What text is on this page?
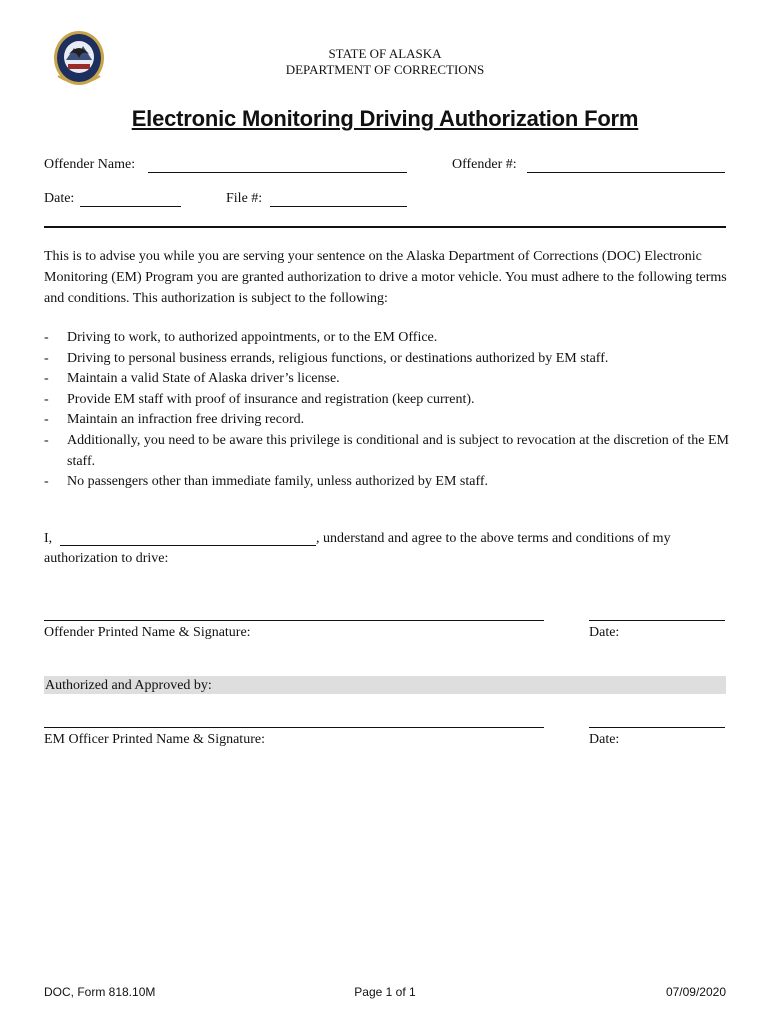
STATE OF ALASKA
DEPARTMENT OF CORRECTIONS
Electronic Monitoring Driving Authorization Form
Offender Name:	Offender #:
Date:	File #:
This is to advise you while you are serving your sentence on the Alaska Department of Corrections (DOC) Electronic Monitoring (EM) Program you are granted authorization to drive a motor vehicle. You must adhere to the following terms and conditions. This authorization is subject to the following:
-	Driving to work, to authorized appointments, or to the EM Office.
-	Driving to personal business errands, religious functions, or destinations authorized by EM staff.
-	Maintain a valid State of Alaska driver’s license.
-	Provide EM staff with proof of insurance and registration (keep current).
-	Maintain an infraction free driving record.
-	Additionally, you need to be aware this privilege is conditional and is subject to revocation at the discretion of the EM staff.
-	No passengers other than immediate family, unless authorized by EM staff.
I,	, understand and agree to the above terms and conditions of my
authorization to drive:
Offender Printed Name & Signature:	Date:
Authorized and Approved by:
EM Officer Printed Name & Signature:	Date:
DOC, Form 818.10M	Page 1 of 1	07/09/2020
